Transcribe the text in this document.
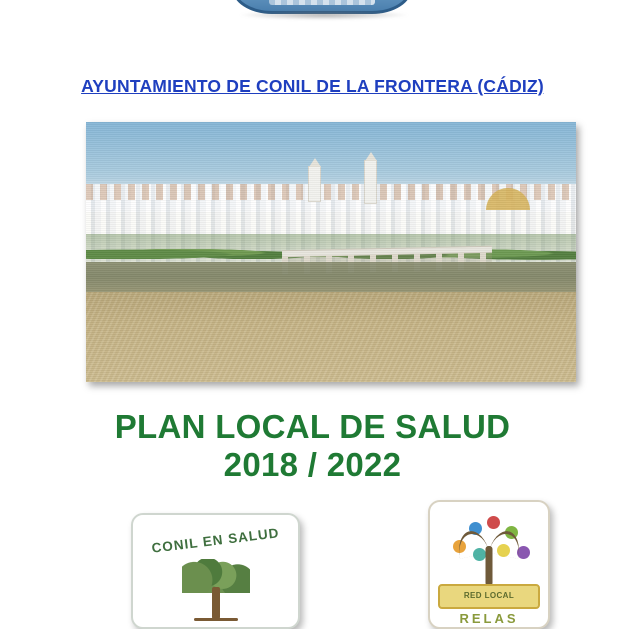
AYUNTAMIENTO DE CONIL DE LA FRONTERA (CÁDIZ)
PLAN LOCAL DE SALUD
2018 / 2022
CONIL EN SALUD
RED LOCAL
RELAS
